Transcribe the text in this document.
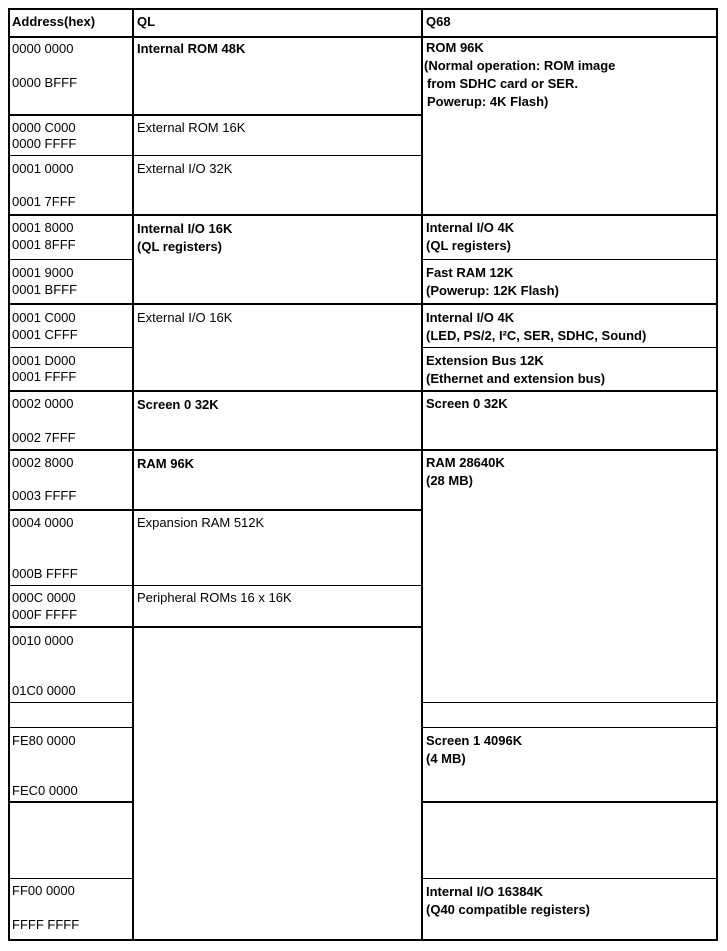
Address(hex)	QL	Q68
0000 0000
0000 BFFF
0000 C000
0000 FFFF
0001 0000
0001 7FFF
0001 8000
0001 8FFF
0001 9000
0001 BFFF
0001 C000
0001 CFFF
0001 D000
0001 FFFF
0002 0000
0002 7FFF
0002 8000
0003 FFFF
0004 0000
000B FFFF
000C 0000
000F FFFF
0010 0000
01C0 0000
FE80 0000
FEC0 0000
FF00 0000
FFFF FFFF
Internal ROM 48K
External ROM 16K
External I/O 32K
Internal I/O 16K
(QL registers)
External I/O 16K
Screen 0 32K
RAM 96K
Expansion RAM 512K
Peripheral ROMs 16 x 16K
ROM 96K
(Normal operation: ROM image
from SDHC card or SER.
Powerup: 4K Flash)
Internal I/O 4K
(QL registers)
Fast RAM 12K
(Powerup: 12K Flash)
Internal I/O 4K
(LED, PS/2, I²C, SER, SDHC, Sound)
Extension Bus 12K
(Ethernet and extension bus)
Screen 0 32K
RAM 28640K
(28 MB)
Screen 1 4096K
(4 MB)
Internal I/O 16384K
(Q40 compatible registers)
